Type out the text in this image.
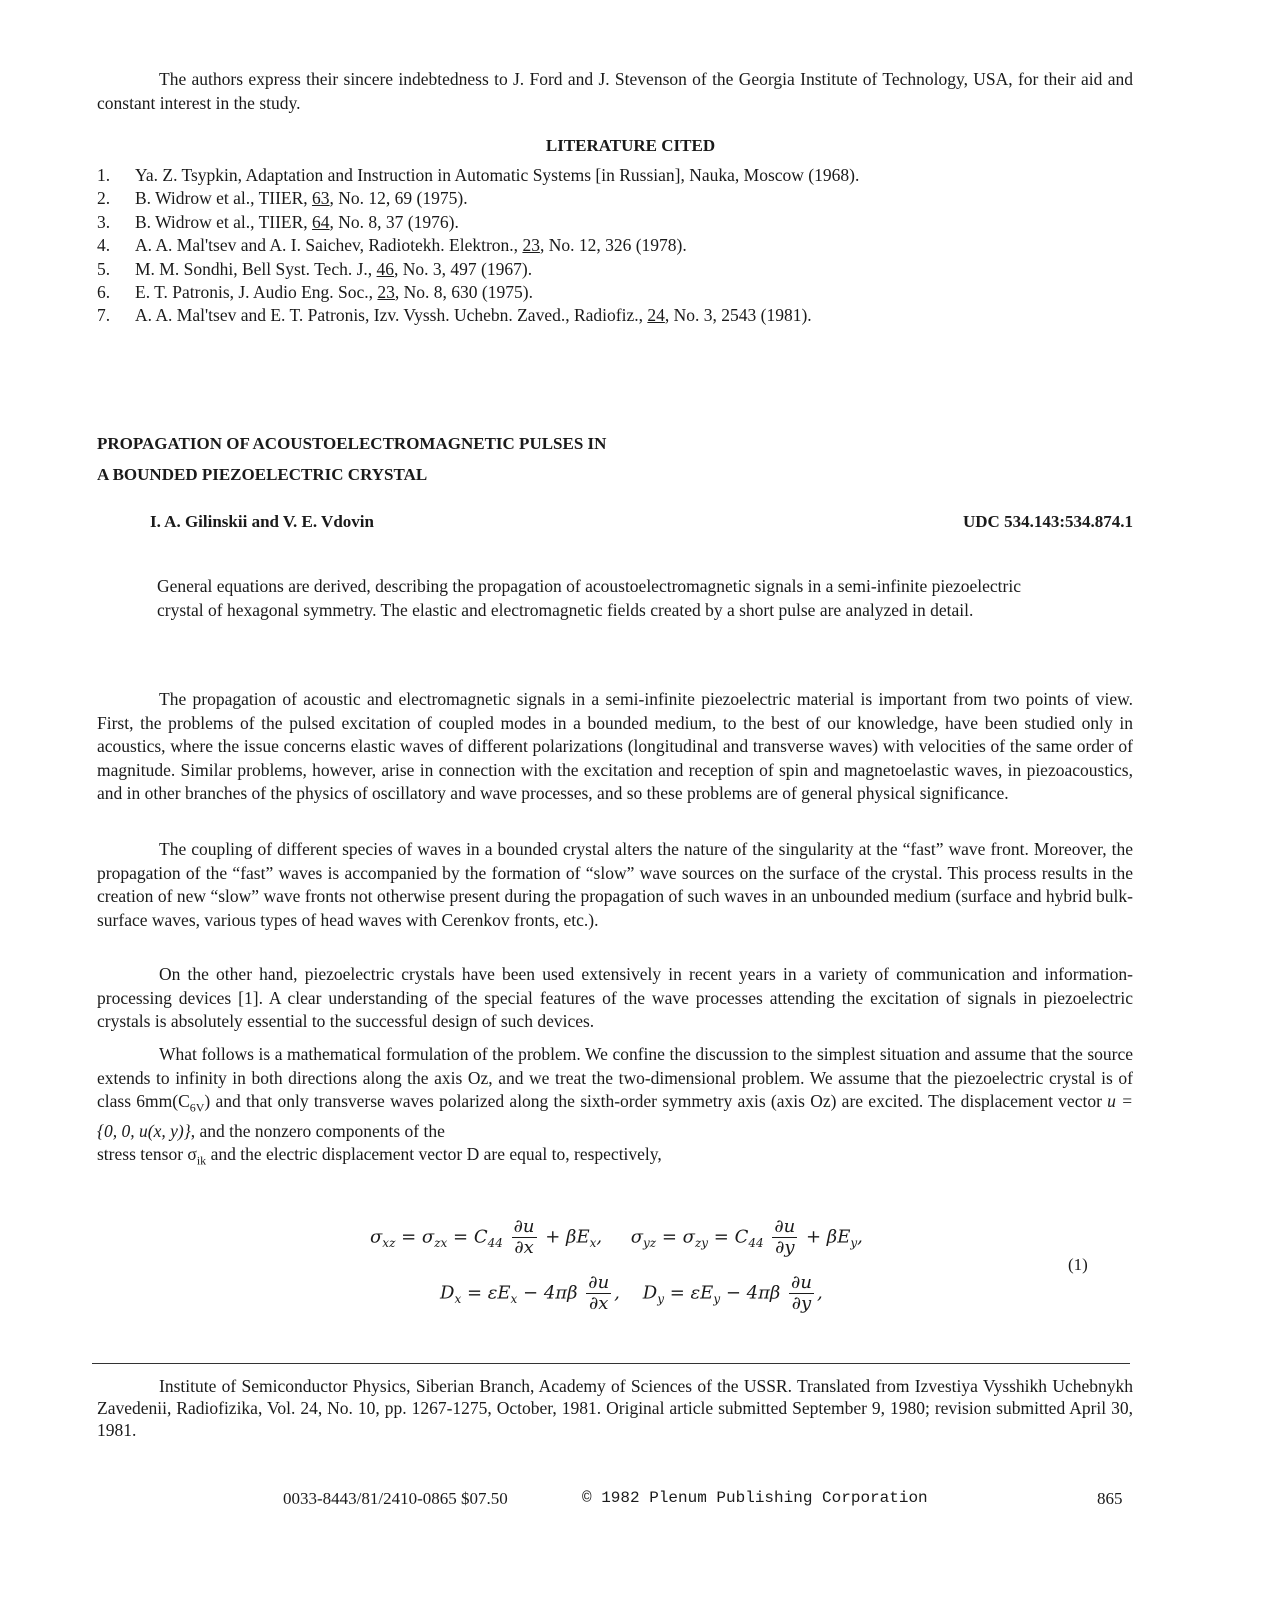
The authors express their sincere indebtedness to J. Ford and J. Stevenson of the Georgia Institute of Technology, USA, for their aid and constant interest in the study.
LITERATURE CITED
1. Ya. Z. Tsypkin, Adaptation and Instruction in Automatic Systems [in Russian], Nauka, Moscow (1968).
2. B. Widrow et al., TIIER, 63, No. 12, 69 (1975).
3. B. Widrow et al., TIIER, 64, No. 8, 37 (1976).
4. A. A. Mal'tsev and A. I. Saichev, Radiotekh. Elektron., 23, No. 12, 326 (1978).
5. M. M. Sondhi, Bell Syst. Tech. J., 46, No. 3, 497 (1967).
6. E. T. Patronis, J. Audio Eng. Soc., 23, No. 8, 630 (1975).
7. A. A. Mal'tsev and E. T. Patronis, Izv. Vyssh. Uchebn. Zaved., Radiofiz., 24, No. 3, 2543 (1981).
PROPAGATION OF ACOUSTOELECTROMAGNETIC PULSES IN
A BOUNDED PIEZOELECTRIC CRYSTAL
I. A. Gilinskii and V. E. Vdovin	UDC 534.143:534.874.1
General equations are derived, describing the propagation of acoustoelectromagnetic signals in a semi-infinite piezoelectric crystal of hexagonal symmetry. The elastic and electromagnetic fields created by a short pulse are analyzed in detail.
The propagation of acoustic and electromagnetic signals in a semi-infinite piezoelectric material is important from two points of view. First, the problems of the pulsed excitation of coupled modes in a bounded medium, to the best of our knowledge, have been studied only in acoustics, where the issue concerns elastic waves of different polarizations (longitudinal and transverse waves) with velocities of the same order of magnitude. Similar problems, however, arise in connection with the excitation and reception of spin and magnetoelastic waves, in piezoacoustics, and in other branches of the physics of oscillatory and wave processes, and so these problems are of general physical significance.
The coupling of different species of waves in a bounded crystal alters the nature of the singularity at the “fast” wave front. Moreover, the propagation of the “fast” waves is accompanied by the formation of “slow” wave sources on the surface of the crystal. This process results in the creation of new “slow” wave fronts not otherwise present during the propagation of such waves in an unbounded medium (surface and hybrid bulk-surface waves, various types of head waves with Cerenkov fronts, etc.).
On the other hand, piezoelectric crystals have been used extensively in recent years in a variety of communication and information-processing devices [1]. A clear understanding of the special features of the wave processes attending the excitation of signals in piezoelectric crystals is absolutely essential to the successful design of such devices.
What follows is a mathematical formulation of the problem. We confine the discussion to the simplest situation and assume that the source extends to infinity in both directions along the axis Oz, and we treat the two-dimensional problem. We assume that the piezoelectric crystal is of class $6mm(C_{6V})$ and that only transverse waves polarized along the sixth-order symmetry axis (axis Oz) are excited. The displacement vector u = {0, 0, u(x, y)}, and the nonzero components of the
stress tensor $\sigma_{ik}$ and the electric displacement vector D are equal to, respectively,
$\sigma_{xz} = \sigma_{zx} = C_{44} \frac{\partial u}{\partial x} + \beta E_x$,     $\sigma_{yz} = \sigma_{zy} = C_{44} \frac{\partial u}{\partial y} + \beta E_y$,
$D_x = \varepsilon E_x - 4\pi\beta \frac{\partial u}{\partial x}$ ,    $D_y = \varepsilon E_y - 4\pi\beta \frac{\partial u}{\partial y}$ ,
(1)
Institute of Semiconductor Physics, Siberian Branch, Academy of Sciences of the USSR. Translated from Izvestiya Vysshikh Uchebnykh Zavedenii, Radiofizika, Vol. 24, No. 10, pp. 1267-1275, October, 1981. Original article submitted September 9, 1980; revision submitted April 30, 1981.
0033-8443/81/2410-0865 $07.50	© 1982 Plenum Publishing Corporation	865
